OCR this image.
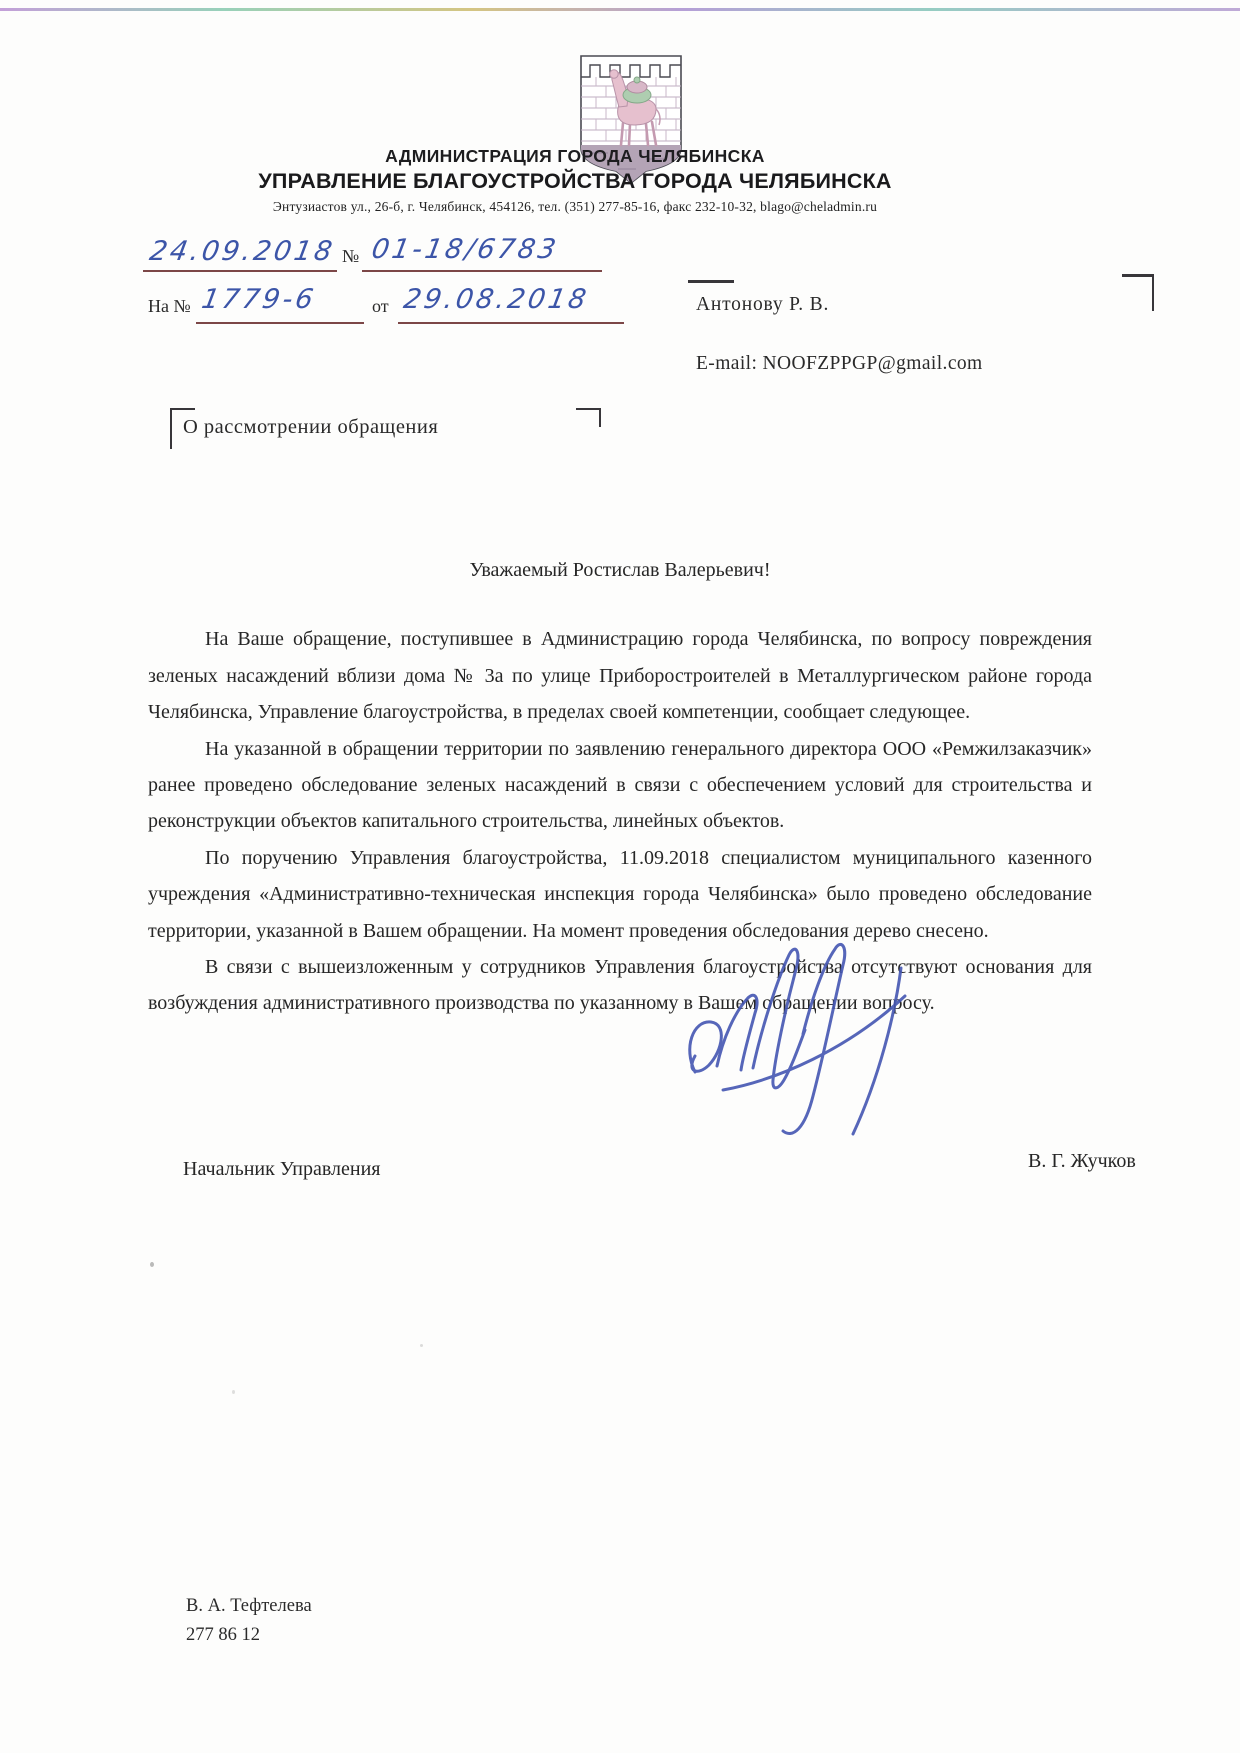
АДМИНИСТРАЦИЯ ГОРОДА ЧЕЛЯБИНСКА
УПРАВЛЕНИЕ БЛАГОУСТРОЙСТВА ГОРОДА ЧЕЛЯБИНСКА
Энтузиастов ул., 26-б, г. Челябинск, 454126, тел. (351) 277-85-16, факс 232-10-32, blago@cheladmin.ru
24.09.2018 № 01-18/6783
На № 1779-6	от 29.08.2018	Антонову Р. В.
E-mail: NOOFZPPGP@gmail.com
О рассмотрении обращения
Уважаемый Ростислав Валерьевич!

На Ваше обращение, поступившее в Администрацию города Челябинска, по вопросу повреждения зеленых насаждений вблизи дома № 3а по улице Приборостроителей в Металлургическом районе города Челябинска, Управление благоустройства, в пределах своей компетенции, сообщает следующее.

На указанной в обращении территории по заявлению генерального директора ООО «Ремжилзаказчик» ранее проведено обследование зеленых насаждений в связи с обеспечением условий для строительства и реконструкции объектов капитального строительства, линейных объектов.

По поручению Управления благоустройства, 11.09.2018 специалистом муниципального казенного учреждения «Административно-техническая инспекция города Челябинска» было проведено обследование территории, указанной в Вашем обращении. На момент проведения обследования дерево снесено.

В связи с вышеизложенным у сотрудников Управления благоустройства отсутствуют основания для возбуждения административного производства по указанному в Вашем обращении вопросу.

Начальник Управления	В. Г. Жучков
В. А. Тефтелева
277 86 12
